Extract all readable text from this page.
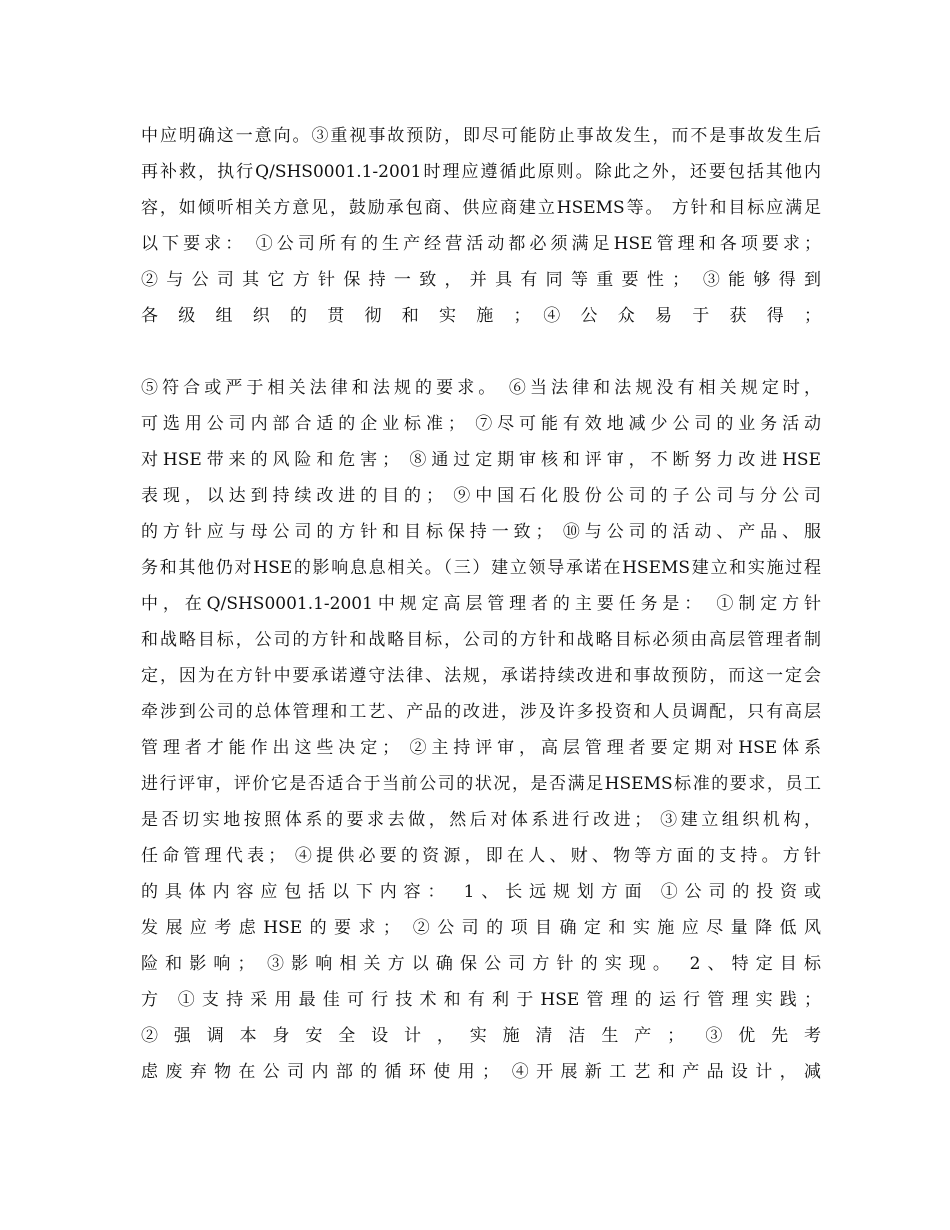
中应明确这一意向。③重视事故预防，即尽可能防止事故发生，而不是事故发生后
再补救，执行Q/SHS0001.1-2001时理应遵循此原则。除此之外，还要包括其他内
容，如倾听相关方意见，鼓励承包商、供应商建立HSEMS等。 方针和目标应满足
以下要求： ①公司所有的生产经营活动都必须满足HSE管理和各项要求；
②与公司其它方针保持一致，并具有同等重要性； ③能够得到
各 级 组 织 的 贯 彻 和 实 施 ； ④ 公 众 易 于 获 得 ；
⑤符合或严于相关法律和法规的要求。 ⑥当法律和法规没有相关规定时，
可选用公司内部合适的企业标准； ⑦尽可能有效地减少公司的业务活动
对HSE带来的风险和危害； ⑧通过定期审核和评审，不断努力改进HSE
表现，以达到持续改进的目的； ⑨中国石化股份公司的子公司与分公司
的方针应与母公司的方针和目标保持一致； ⑩与公司的活动、产品、服
务和其他仍对HSE的影响息息相关。（三）建立领导承诺在HSEMS建立和实施过程
中，在Q/SHS0001.1-2001中规定高层管理者的主要任务是： ①制定方针
和战略目标，公司的方针和战略目标，公司的方针和战略目标必须由高层管理者制
定，因为在方针中要承诺遵守法律、法规，承诺持续改进和事故预防，而这一定会
牵涉到公司的总体管理和工艺、产品的改进，涉及许多投资和人员调配，只有高层
管理者才能作出这些决定； ②主持评审，高层管理者要定期对HSE体系
进行评审，评价它是否适合于当前公司的状况，是否满足HSEMS标准的要求，员工
是否切实地按照体系的要求去做，然后对体系进行改进； ③建立组织机构，
任命管理代表； ④提供必要的资源，即在人、财、物等方面的支持。方针
的具体内容应包括以下内容： 1、长远规划方面 ①公司的投资或
发展应考虑HSE的要求； ②公司的项目确定和实施应尽量降低风
险和影响； ③影响相关方以确保公司方针的实现。 2、特定目标
方 ①支持采用最佳可行技术和有利于HSE管理的运行管理实践；
②强调本身安全设计，实施清洁生产； ③优先考
虑废弃物在公司内部的循环使用； ④开展新工艺和产品设计，减
